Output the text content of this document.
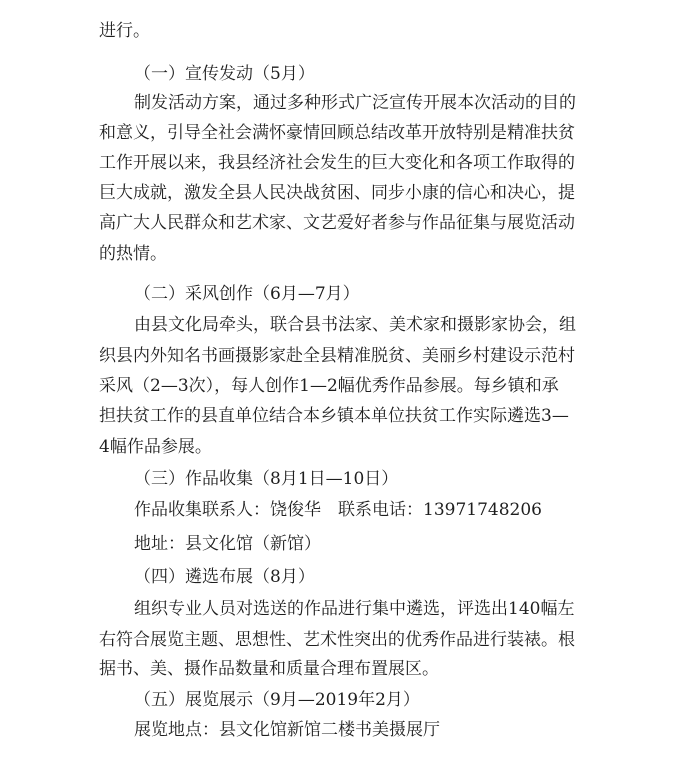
进行。
（一）宣传发动（5月）
制发活动方案，通过多种形式广泛宣传开展本次活动的目的
和意义，引导全社会满怀豪情回顾总结改革开放特别是精准扶贫
工作开展以来，我县经济社会发生的巨大变化和各项工作取得的
巨大成就，激发全县人民决战贫困、同步小康的信心和决心，提
高广大人民群众和艺术家、文艺爱好者参与作品征集与展览活动
的热情。
（二）采风创作（6月—7月）
由县文化局牵头，联合县书法家、美术家和摄影家协会，组
织县内外知名书画摄影家赴全县精准脱贫、美丽乡村建设示范村
采风（2—3次），每人创作1—2幅优秀作品参展。每乡镇和承
担扶贫工作的县直单位结合本乡镇本单位扶贫工作实际遴选3—
4幅作品参展。
（三）作品收集（8月1日—10日）
作品收集联系人：饶俊华　联系电话：13971748206
地址：县文化馆（新馆）
（四）遴选布展（8月）
组织专业人员对选送的作品进行集中遴选，评选出140幅左
右符合展览主题、思想性、艺术性突出的优秀作品进行装裱。根
据书、美、摄作品数量和质量合理布置展区。
（五）展览展示（9月—2019年2月）
展览地点：县文化馆新馆二楼书美摄展厅
